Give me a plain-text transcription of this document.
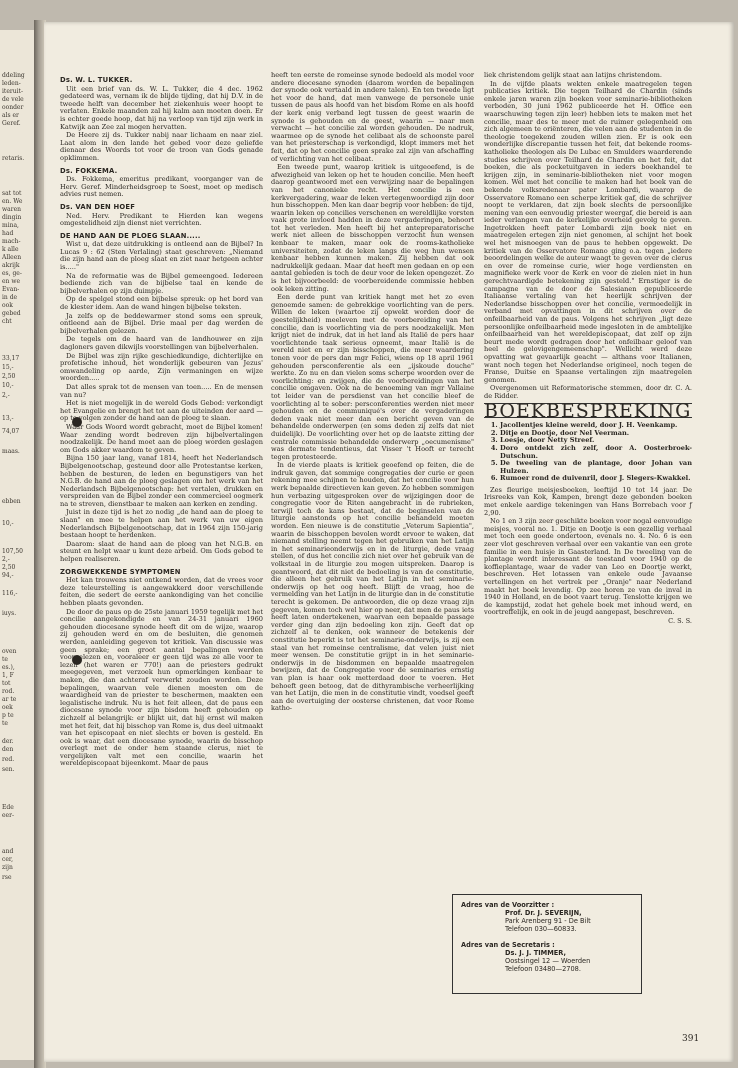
ddeling
leden-
iteruit-
de vele
oonder
als er
Geref.
retaris.
sat tot
en. We
waren
dingin
mina,
had
mach-
k alle
Alleen
akrijk
es, ge-
en we
Evan-
in de
ook
gebed
cht
33,17
15,-
2,50
10,-
2,-
13,-
74,07
maas.
ebben
10,-
107,50
2,-
2,50
94,-
116,-
iuys.
oven
te
es.),
1, F
tot
rod.
ar te
oek
p te
te
der.
den
red.
sen.
Ede
eer-
and
cer,
zijn
rse
Ds. W. L. TUKKER.

Uit een brief van ds. W. L. Tukker, die 4 dec. 1962 gedateerd was, vernam ik de blijde tijding, dat hij D.V. in de tweede helft van december het ziekenhuis weer hoopt te verlaten. Enkele maanden zal hij kalm aan moeten doen. Er is echter goede hoop, dat hij na verloop van tijd zijn werk in Katwijk aan Zee zal mogen hervatten.

De Heere zij ds. Tukker nabij naar lichaam en naar ziel. Laat alom in den lande het gebed voor deze geliefde dienaar des Woords tot voor de troon van Gods genade opklimmen.

Ds. FOKKEMA.

Ds. Fokkema, emeritus predikant, voorganger van de Herv. Geref. Minderheidsgroep te Soest, moet op medisch advies rust nemen.

Ds. VAN DEN HOEF

Ned. Herv. Predikant te Hierden kan wegens omgestelidheid zijn dienst niet verrichten.

DE HAND AAN DE PLOEG SLAAN.....

Wist u, dat deze uitdrukking is ontleend aan de Bijbel? In Lucas 9 : 62 (Sten Verlaling) staat geschreven: „Niemand die zijn hand aan de ploeg slaat en ziet naar hetgeen achter is....."

Na de reformatie was de Bijbel gemeengoed. Iedereen bediende zich van de bijbelse taal en kende de bijbelverhalen op zijn duimpje.

Op de spelgel stond een bijbelse spreuk: op het bord van de klester idem. Aan de wand hingen bijbelse teksten.

Ja zelfs op de beddewarmer stond soms een spreuk, ontleend aan de Bijbel. Drie maal per dag werden de bijbelverhalen gelezen.

De tegels om de haard van de landhouwer en zijn dagloners gaven dikwijls voorstellingen van bijbelverhalen.

De Bijbel was zijn rijke geschiedkundige, dichterlijke en profetische inhoud, het wonderlijk gebeuren van Jezus' omwandeling op aarde, Zijn vermaningen en wijze woorden.....

Dat alles sprak tot de mensen van toen..... En de mensen van nu?

Het is niet mogelijk in de wereld Gods Gebod: verkondigt het Evangelie en brengt het tot aan de uiteinden der aard — op te volgen zonder de hand aan de ploeg te slaan.

Waar Gods Woord wordt gebracht, moet de Bijbel komen! Waar zending wordt bedreven zijn bijbelvertalingen noodzakelijk. De hand moet aan de ploeg worden geslagen om Gods akker waardom te geven.

Bijna 150 jaar lang, vanaf 1814, heeft het Nederlandsch Bijbelgenootschap, gesteund door alle Protestantse kerken, hebben de besturen, de leden en begunstigers van het N.G.B. de hand aan de ploeg geslagen om het werk van het Nederlandsch Bijbelgenootschap: het vertalen, drukken en verspreiden van de Bijbel zonder een commercieel oogmerk na te streven, dienstbaar te maken aan kerken en zending.

Juist in deze tijd is het zo nodig „de hand aan de ploeg te slaan" en mee te helpen aan het werk van uw eigen Nederlandsch Bijbelgenootschap, dat in 1964 zijn 150-jarig bestaan hoopt te herdenken.

Daarom: slaat de hand aan de ploeg van het N.G.B. en steunt en helpt waar u kunt deze arbeid. Om Gods gebod te helpen realiseren.

ZORGWEKKENDE SYMPTOMEN

Het kan trouwens niet ontkend worden, dat de vrees voor deze teleurstelling is aangewakkerd door verschillende feiten, die sedert de eerste aankondiging van het concilie hebben plaats gevonden.

De door de paus op de 25ste januari 1959 tegelijk met het concilie aangekondigde en van 24-31 januari 1960 gehouden diocesane synode heeft dit om de wijze, waarop zij gehouden werd en om de besluiten, die genomen werden, aanleiding gegeven tot kritiek. Van discussie was geen sprake; een groot aantal bepalingen werden voorgelezen en, vooraleer er geen tijd was ze alle voor te lezen (het waren er 770!) aan de priesters gedrukt meegegeven, met verzoek hun opmerkingen kenbaar te maken, die dan achteraf verwerkt zouden worden. Deze bepalingen, waarvan vele dienen moesten om de waardigheid van de priester te beschermen, maakten een legalistische indruk. Nu is het feit alleen, dat de paus een diocesane synode voor zijn bisdom heeft gehouden op zichzelf al belangrijk: er blijkt uit, dat hij ernst wil maken met het feit, dat hij bisschop van Rome is, dus deel uitmaakt van het episcopaat en niet slechts er boven is gesteld. En ook is waar, dat een diocesane synode, waarin de bisschop overlegt met de onder hem staande clerus, niet te vergelijken valt met een concilie, waarin het wereldepiscopaat bijeenkomt. Maar de paus

heeft ten eerste de romeinse synode bedoeld als model voor andere diocesane synoden (daarom worden de bepalingen der synode ook vertaald in andere talen). En ten tweede ligt het voor de hand, dat men vanwege de personele unie tussen de paus als hoofd van het bisdom Rome en als hoofd der kerk enig verband legt tussen de geest waarin de synode is gehouden en de geest, waarin — naar men verwacht — het concilie zal worden gehouden. De nadruk, waarmee op de synode het celibaat als de schoonste parel van het priesterschap is verkondigd, klopt immers met het feit, dat op het concilie geen sprake zal zijn van afschaffing of verlichting van het celibaat.

Een tweede punt, waarop kritiek is uitgeoefend, is de afwezigheid van leken op het te houden concilie. Men heeft daarop geantwoord met een verwijzing naar de bepalingen van het canonieke recht. Het concilie is een kerkvergadering, waar de leken vertegenwoordigd zijn door hun bisschoppen. Men kan daar begrip voor hebben: de tijd, waarin leken op concilies verschenen en wereldlijke vorsten vaak grote invloed hadden in deze vergaderingen, behoort tot het verleden. Men heeft bij het antepreparatorische werk niet alleen de bisschoppen verzocht hun wensen kenbaar te maken, maar ook de rooms-katholieke universiteiten, zodat de leken langs die weg hun wensen kenbaar hebben kunnen maken. Zij hebben dat ook nadrukkelijk gedaan. Maar dat heeft men gedaan en op een aantal gebieden is toch de deur voor de leken opengezet. Zo is het bijvoorbeeld: de voorbereidende commissie hebben ook leken zitting.

Een derde punt van kritiek hangt met het zo even genoemde samen: de gebrekkige voorlichting van de pers. Willen de leken (waartoe zij opwekt worden door de geestelijkheid) meeleven met de voorbereiding van het concilie, dan is voorlichting via de pers noodzakelijk. Men krijgt niet de indruk, dat in het land als Italië de pers haar voorlichtende taak serieus opneemt, maar Italië is de wereld niet en er zijn bisschoppen, die meer waardering tonen voor de pers dan mgr Felici, wiens op 18 april 1961 gehouden persconferentie als een „ijskoude douche" werkte. Zo nu en dan vielen soms scherpe woorden over de voorlichting: en zwijgen, die de voorbereidingen van het concilie omgaven. Ook na de benoeming van mgr Vallaine tot leider van de persdienst van het concilie bleef de voorlichting al te sober: persconferenties werden niet meer gehouden en de communiqué's over de vergaderingen deden vaak niet meer dan een bericht geven van de behandelde onderwerpen (en soms deden zij zelfs dat niet duidelijk). De voorlichting over het op de laatste zitting der centrale commissie behandelde onderwerp „oecumenisme" was dermate tendentieus, dat Visser 't Hooft er terecht tegen protesteerde.

In de vierde plaats is kritiek geoefend op feiten, die de indruk gaven, dat sommige congregaties der curie er geen rekening mee schijnen te houden, dat het concilie voor hun werk bepaalde directieven kan geven. Zo hebben sommigen hun verbazing uitgesproken over de wijzigingen door de congregatie voor de Riten aangebracht in de rubrieken, terwijl toch de kans bestaat, dat de beginselen van de liturgie aanstonds op het concilie behandeld moeten worden. Een nieuwe is de constitutie „Veterum Sapientia", waarin de bisschoppen bevolen wordt ervoor te waken, dat niemand stelling neemt tegen het gebruiken van het Latijn in het seminarieonderwijs en in de liturgie, dede vraag stellen, of dus het concilie zich niet over het gebruik van de volkstaal in de liturgie zou mogen uitspreken. Daarop is geantwoord, dat dit niet de bedoeling is van de constitutie, die alleen het gebruik van het Latijn in het seminarie-onderwijs op het oog heeft. Blijft de vraag, hoe de vermelding van het Latijn in de liturgie dan in de constitutie terecht is gekomen. De antwoorden, die op deze vraag zijn gegeven, komen toch wel hier op neer, dat men de paus iets heeft laten ondertekenen, waarvan een bepaalde passage verder ging dan zijn bedoeling kon zijn. Geeft dat op zichzelf al te denken, ook wanneer de betekenis der constitutie beperkt is tot het seminarie-onderwijs, is zij een staal van het romeinse centralisme, dat velen juist niet meer wensen. De constitutie grijpt in in het seminarie-onderwijs in de bisdommen en bepaalde maatregelen bewijzen, dat de Congregatie voor de seminaries ernstig van plan is haar ook metterdaad door te voeren. Het behoeft geen betoog, dat de dithyrambische verheerlijking van het Latijn, die men in de constitutie vindt, voedsel geeft aan de overtuiging der oosterse christenen, dat voor Rome katho-

liek christendom gelijk staat aan latijns christendom.

In de vijfde plaats wekten enkele maatregelen tegen publicaties kritiek. Die tegen Teilhard de Chardin (sinds enkele jaren waren zijn boeken voor seminarie-bibliotheken verboden, 30 juni 1962 publiceerde het H. Office een waarschuwing tegen zijn leer) hebben iets te maken met het concilie, maar des te meer met de ruimer gelegenheid om zich algemeen te oriënteren, die velen aan de studenten in de theologie toegekend zouden willen zien. Er is ook een wonderlijke discrepantie tussen het feit, dat bekende rooms-katholieke theologen als De Lubac en Smulders waarderende studies schrijven over Teilhard de Chardin en het feit, dat boeken, die als pocketuitgaven in ieders boekhandel te krijgen zijn, in seminarie-bibliotheken niet voor mogen komen. Wel met het concilie te maken had het boek van de bekende volksredenaar pater Lombardi, waarop de Osservatore Romano een scherpe kritiek gaf, die de schrijver noopt te verklaren, dat zijn boek slechts de persoonlijke mening van een eenvoudig priester weergaf, die bereid is aan ieder verlangen van de kerkelijke overheid gevolg te geven. Ingetrokken heeft pater Lombardi zijn boek niet en maatregelen ertegen zijn niet genomen, al schijnt het boek wel het misnoegen van de paus te hebben opgewekt. De kritiek van de Osservatore Romano ging o.a. tegen „iedere beoordelingen welke de auteur waagt te geven over de clerus en over de romeinse curie, wier hoge verdiensten en magnifieke werk voor de Kerk en voor de zielen niet in hun gerechtvaardigde betekening zijn gesteld." Ernstiger is de campagne van de door de Salesianen gepubliceerde Italiaanse vertaling van het heerlijk schrijven der Nederlandse bisschoppen over het concilie, vermoedelijk in verband met opvattingen in dit schrijven over de onfeilbaarheid van de paus. Volgens het schrijven „ligt deze persoonlijke onfeilbaarheid mede ingesloten in de ambtelijke onfeilbaarheid van het wereldepiscopaat, dat zelf op zijn beurt mede wordt gedragen door het onfeilbaar geloof van heel de gelovigengemeenschap". Wellicht werd deze opvatting wat gevaarlijk geacht — althans voor Italianen, want noch tegen het Nederlandse origineel, noch tegen de Franse, Duitse en Spaanse vertalingen zijn maatregelen genomen.

Overgenomen uit Reformatorische stemmen, door dr. C. A. de Ridder.

BOEKBESPREKING

1. Jacollentjes kleine wereld, door J. H. Veenkamp.
2. Ditje en Dootje, door Nel Veerman.
3. Loesje, door Netty Streef.
4. Doro ontdekt zich zelf, door A. Oosterbroek-Dutschun.
5. De tweeling van de plantage, door Johan van Hulzen.
6. Rumoer rond de duivenril, door J. Slegers-Kwakkel.

Zes fleurige meisjesboeken, leeftijd 10 tot 14 jaar. De Irisreeks van Kok, Kampen, brengt deze gebonden boeken met enkele aardige tekeningen van Hans Borrebach voor ƒ 2,90.

No 1 en 3 zijn zeer geschikte boeken voor nogal eenvoudige meisjes, vooral no. 1. Ditje en Dootje is een gezellig verhaal met toch een goede ondertoon, evenals no. 4. No. 6 is een zeer vlot geschreven verhaal over een vakantie van een grote familie in een huisje in Gaasterland. In De tweeling van de plantage wordt interessant de toestand voor 1940 op de koffieplantage, waar de vader van Leo en Doortje werkt, beschreven. Het lotassen van enkele oude Javaanse vertellingen en het vertrek per „Oranje" naar Nederland maakt het boek levendig. Op zee horen ze van de inval in 1940 in Holland, en de boot vaart terug. Tenslotte krijgen we de kampstijd, zodat het gehele boek met inhoud werd, en voortreffelijk, en ook in de jeugd aangepast, beschreven.

C. S. S.

Adres van de Voorzitter :
Prof. Dr. J. SEVERIJN,
Park Arenberg 91 - De Bilt
Telefoon 030—60833.
Adres van de Secretaris :
Ds. J. J. TIMMER,
Oostsingel 12 — Woerden
Telefoon 03480—2708.
391
